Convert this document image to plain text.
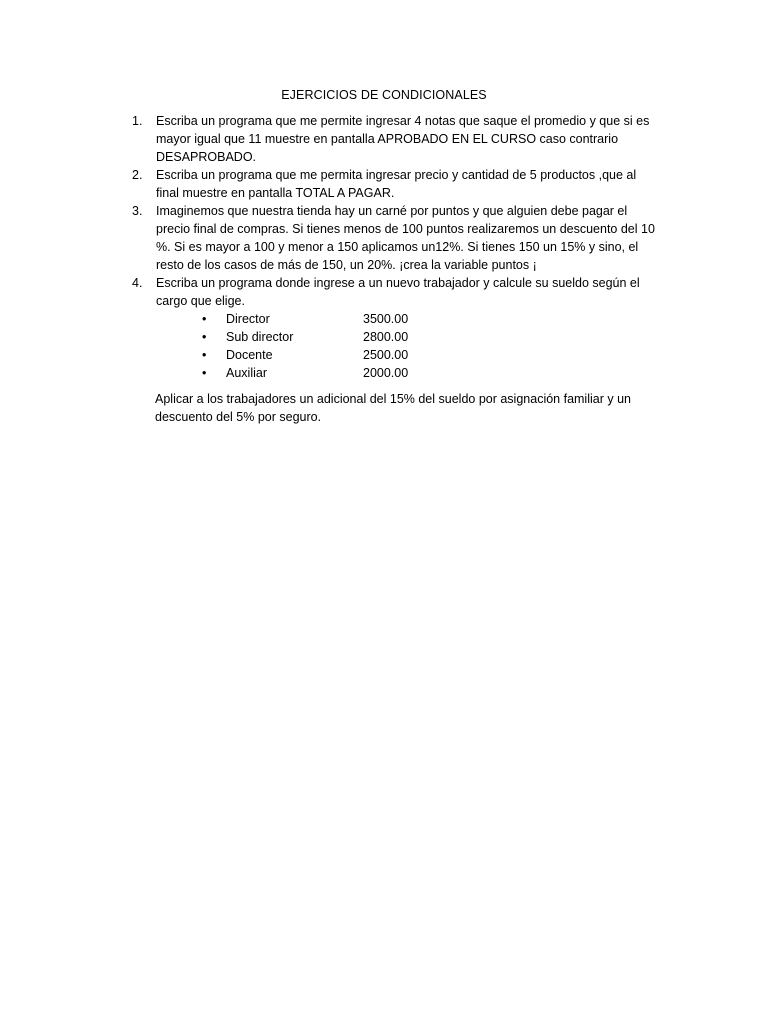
EJERCICIOS DE CONDICIONALES
1.	Escriba un programa que me permite ingresar 4 notas que saque el promedio y que si es mayor igual que 11 muestre en pantalla APROBADO EN EL CURSO caso contrario DESAPROBADO.
2.	Escriba un programa que me permita ingresar precio y cantidad de 5 productos ,que al final muestre en pantalla TOTAL A PAGAR.
3.	Imaginemos que nuestra tienda hay un carné por puntos y que alguien debe pagar el precio final de compras. Si tienes menos de 100 puntos realizaremos un descuento del 10 %. Si es mayor a 100 y menor a 150 aplicamos un12%. Si tienes 150 un 15% y sino, el resto de los casos de más de 150, un 20%. ¡crea la variable puntos ¡
4.	Escriba un programa donde ingrese a un nuevo trabajador y calcule su sueldo según el cargo que elige.
• Director	3500.00
• Sub director	2800.00
• Docente	2500.00
• Auxiliar	2000.00

Aplicar a los trabajadores un adicional del 15% del sueldo por asignación familiar y un descuento del 5% por seguro.
